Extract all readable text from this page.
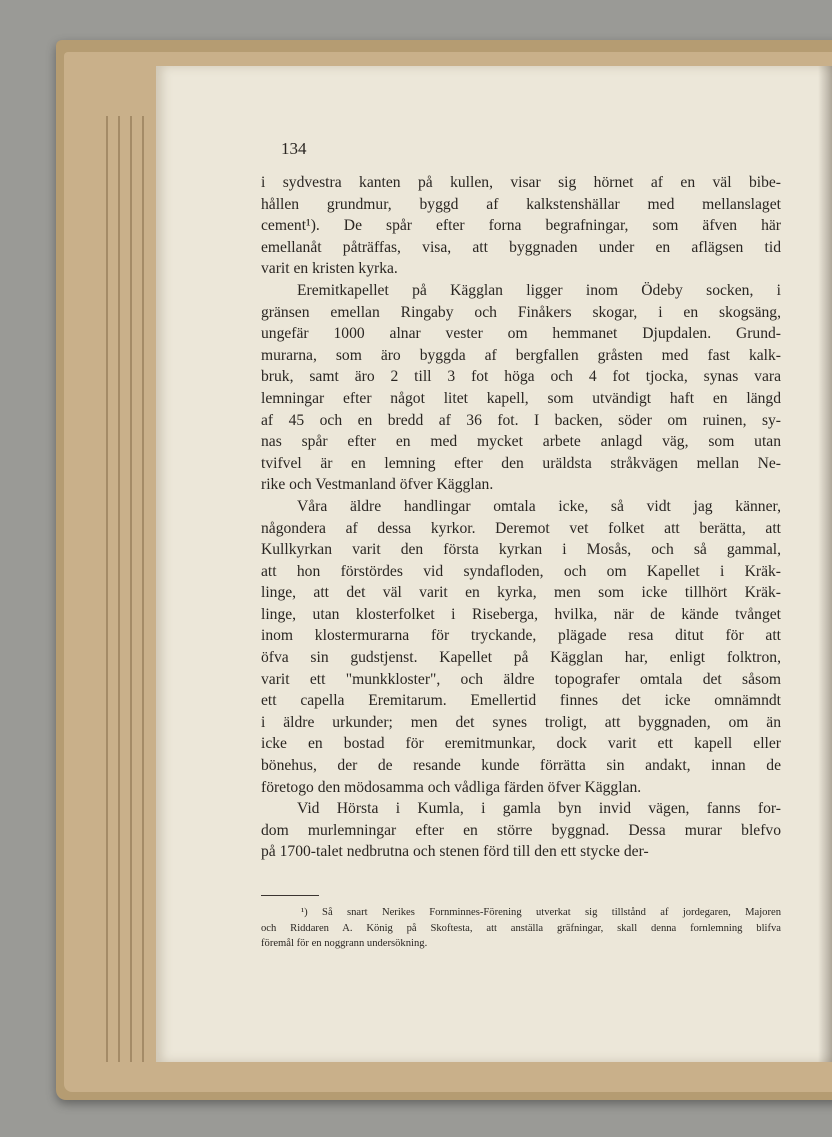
134
i sydvestra kanten på kullen, visar sig hörnet af en väl bibe-
hållen grundmur, byggd af kalkstenshällar med mellanslaget
cement¹). De spår efter forna begrafningar, som äfven här
emellanåt påträffas, visa, att byggnaden under en aflägsen tid
varit en kristen kyrka.
Eremitkapellet på Kägglan ligger inom Ödeby socken, i
gränsen emellan Ringaby och Finåkers skogar, i en skogsäng,
ungefär 1000 alnar vester om hemmanet Djupdalen. Grund-
murarna, som äro byggda af bergfallen gråsten med fast kalk-
bruk, samt äro 2 till 3 fot höga och 4 fot tjocka, synas vara
lemningar efter något litet kapell, som utvändigt haft en längd
af 45 och en bredd af 36 fot. I backen, söder om ruinen, sy-
nas spår efter en med mycket arbete anlagd väg, som utan
tvifvel är en lemning efter den uräldsta stråkvägen mellan Ne-
rike och Vestmanland öfver Kägglan.
Våra äldre handlingar omtala icke, så vidt jag känner,
någondera af dessa kyrkor. Deremot vet folket att berätta, att
Kullkyrkan varit den första kyrkan i Mosås, och så gammal,
att hon förstördes vid syndafloden, och om Kapellet i Kräk-
linge, att det väl varit en kyrka, men som icke tillhört Kräk-
linge, utan klosterfolket i Riseberga, hvilka, när de kände tvånget
inom klostermurarna för tryckande, plägade resa ditut för att
öfva sin gudstjenst. Kapellet på Kägglan har, enligt folktron,
varit ett "munkkloster", och äldre topografer omtala det såsom
ett capella Eremitarum. Emellertid finnes det icke omnämndt
i äldre urkunder; men det synes troligt, att byggnaden, om än
icke en bostad för eremitmunkar, dock varit ett kapell eller
bönehus, der de resande kunde förrätta sin andakt, innan de
företogo den mödosamma och vådliga färden öfver Kägglan.
Vid Hörsta i Kumla, i gamla byn invid vägen, fanns for-
dom murlemningar efter en större byggnad. Dessa murar blefvo
på 1700-talet nedbrutna och stenen förd till den ett stycke der-
¹) Så snart Nerikes Fornminnes-Förening utverkat sig tillstånd af jordegaren, Majoren
och Riddaren A. König på Skoftesta, att anställa gräfningar, skall denna fornlemning blifva
föremål för en noggrann undersökning.
